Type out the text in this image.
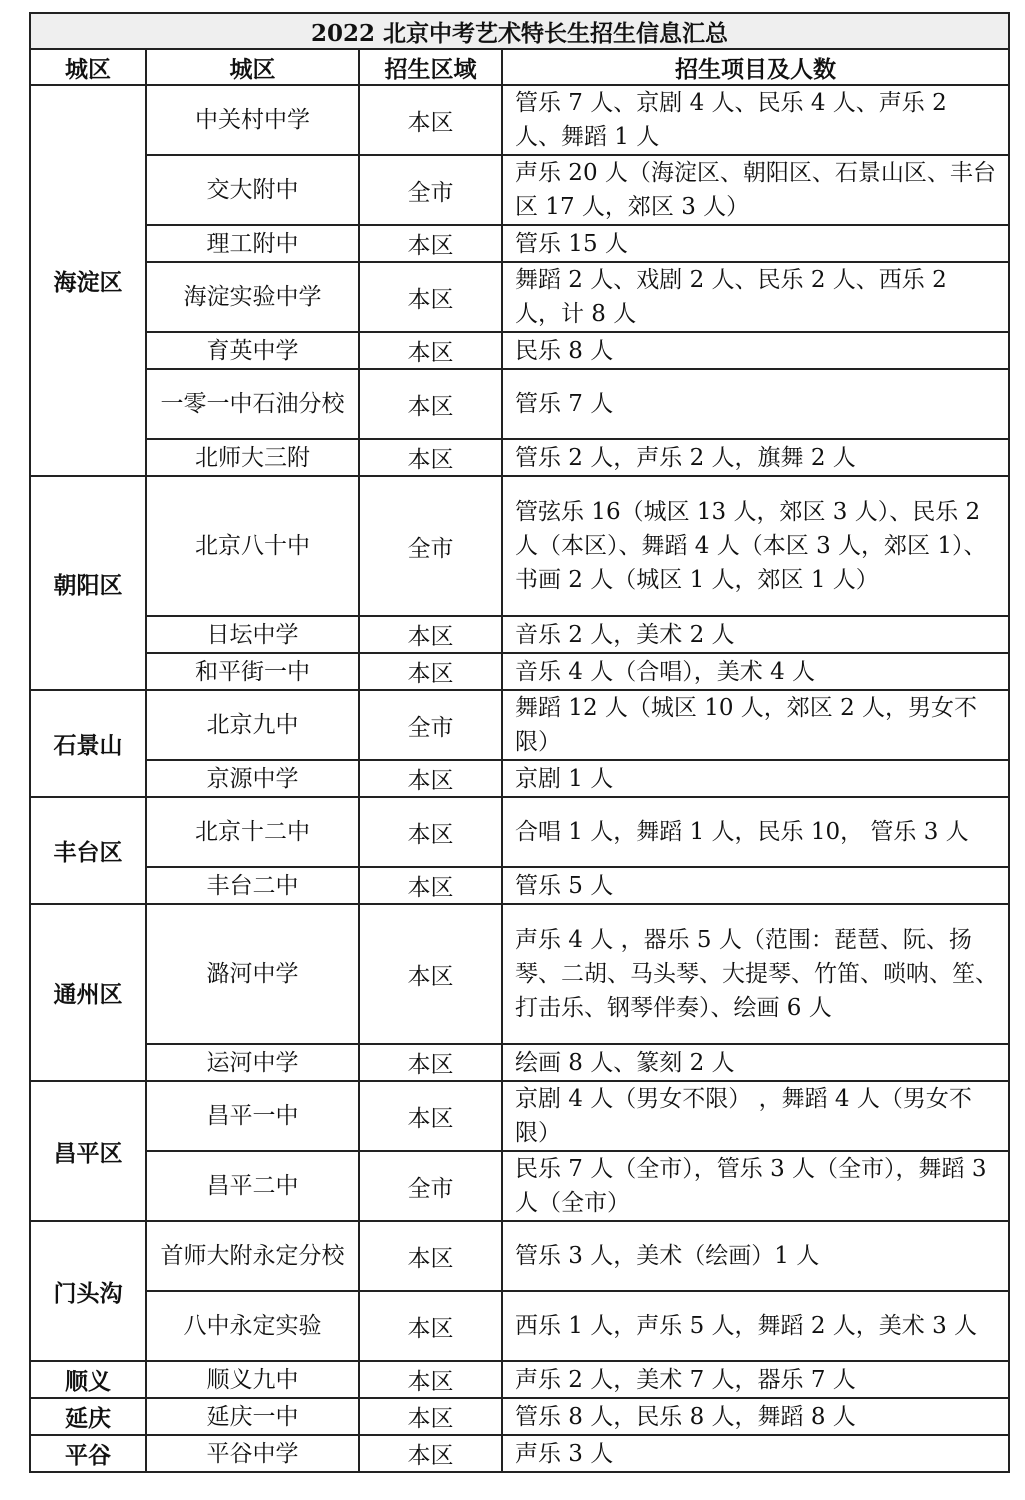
2022 北京中考艺术特长生招生信息汇总			
城区	城区	招生区域	招生项目及人数
海淀区	中关村中学	本区	管乐 7 人、京剧 4 人、民乐 4 人、声乐 2 人、舞蹈 1 人
	交大附中	全市	声乐 20 人（海淀区、朝阳区、石景山区、丰台区 17 人，郊区 3 人）
	理工附中	本区	管乐 15 人
	海淀实验中学	本区	舞蹈 2 人、戏剧 2 人、民乐 2 人、西乐 2 人，计 8 人
	育英中学	本区	民乐 8 人
	一零一中石油分校	本区	管乐 7 人
	北师大三附	本区	管乐 2 人，声乐 2 人，旗舞 2 人
朝阳区	北京八十中	全市	管弦乐 16（城区 13 人，郊区 3 人）、民乐 2 人（本区）、舞蹈 4 人（本区 3 人，郊区 1）、书画 2 人（城区 1 人，郊区 1 人）
	日坛中学	本区	音乐 2 人，美术 2 人
	和平街一中	本区	音乐 4 人（合唱），美术 4 人
石景山	北京九中	全市	舞蹈 12 人（城区 10 人，郊区 2 人，男女不限）
	京源中学	本区	京剧 1 人
丰台区	北京十二中	本区	合唱 1 人，舞蹈 1 人，民乐 10， 管乐 3 人
	丰台二中	本区	管乐 5 人
通州区	潞河中学	本区	声乐 4 人 ，器乐 5 人（范围：琵琶、阮、扬琴、二胡、马头琴、大提琴、竹笛、唢呐、笙、打击乐、钢琴伴奏）、绘画 6 人
	运河中学	本区	绘画 8 人、篆刻 2 人
昌平区	昌平一中	本区	京剧 4 人（男女不限） ，舞蹈 4 人（男女不限）
	昌平二中	全市	民乐 7 人（全市），管乐 3 人（全市），舞蹈 3 人（全市）
门头沟	首师大附永定分校	本区	管乐 3 人，美术（绘画）1 人
	八中永定实验	本区	西乐 1 人，声乐 5 人，舞蹈 2 人，美术 3 人
顺义	顺义九中	本区	声乐 2 人，美术 7 人，器乐 7 人
延庆	延庆一中	本区	管乐 8 人，民乐 8 人，舞蹈 8 人
平谷	平谷中学	本区	声乐 3 人
